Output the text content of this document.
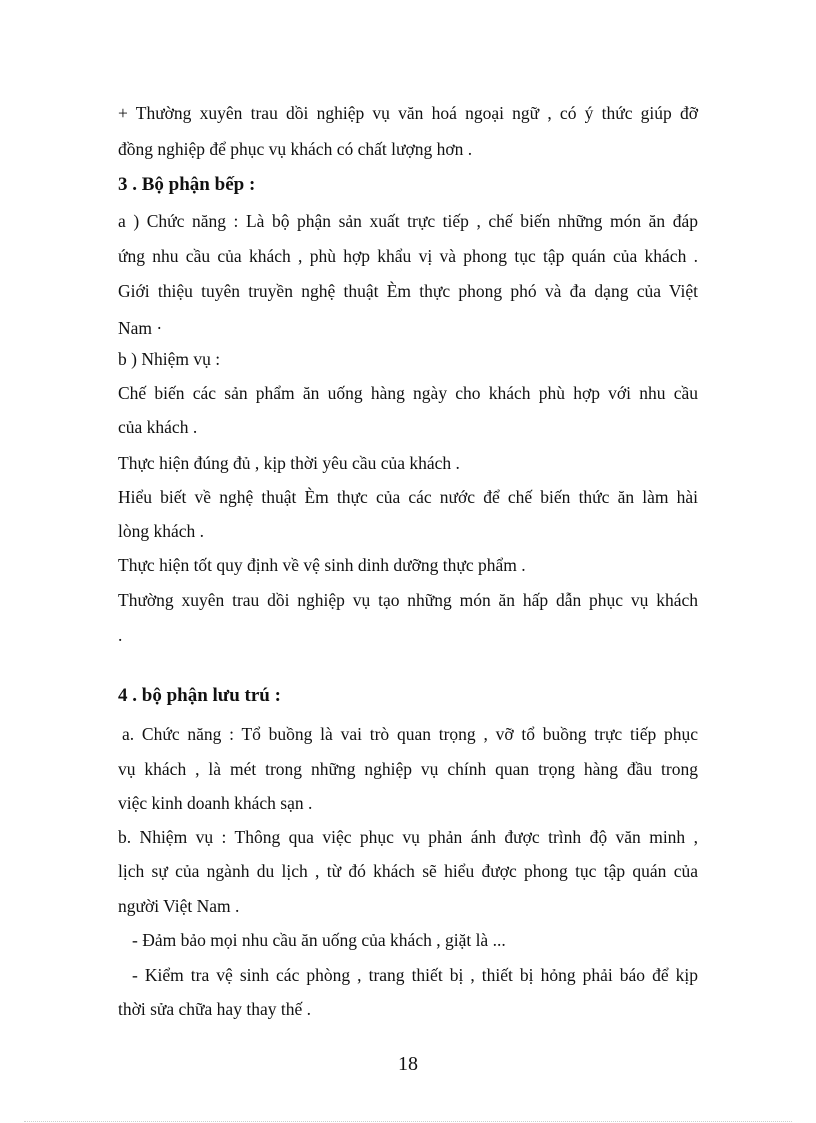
+ Thường xuyên trau dồi nghiệp vụ văn hoá ngoại ngữ , có ý thức giúp đỡ
đồng nghiệp để phục vụ khách có chất lượng hơn .
3 . Bộ phận bếp :
a ) Chức năng : Là bộ phận sản xuất trực tiếp , chế biến những món ăn đáp
ứng nhu cầu của khách , phù hợp khẩu vị và phong tục tập quán của khách .
Giới thiệu tuyên truyền nghệ thuật Èm thực phong phó và đa dạng của Việt
Nam ·
b ) Nhiệm vụ :
Chế biến các sản phẩm ăn uống hàng ngày cho khách phù hợp với nhu cầu
của khách .
Thực hiện đúng đủ , kịp thời yêu cầu của khách .
Hiểu biết về nghệ thuật Èm thực của các nước để chế biến thức ăn làm hài
lòng khách .
Thực hiện tốt quy định về vệ sinh dinh dưỡng thực phẩm .
Thường xuyên trau dồi nghiệp vụ tạo những món ăn hấp dẫn phục vụ khách
.
4 . bộ phận lưu trú :
a. Chức năng : Tổ buồng là vai trò quan trọng , vỡ tổ buồng trực tiếp phục
vụ khách , là mét trong những nghiệp vụ chính quan trọng hàng đầu trong
việc kinh doanh khách sạn .
b. Nhiệm vụ : Thông qua việc phục vụ phản ánh được trình độ văn minh ,
lịch sự của ngành du lịch , từ đó khách sẽ hiểu được phong tục tập quán của
người Việt Nam .
- Đảm bảo mọi nhu cầu ăn uống của khách , giặt là ...
- Kiểm tra vệ sinh các phòng , trang thiết bị , thiết bị hỏng phải báo để kịp
thời sửa chữa hay thay thế .
18
